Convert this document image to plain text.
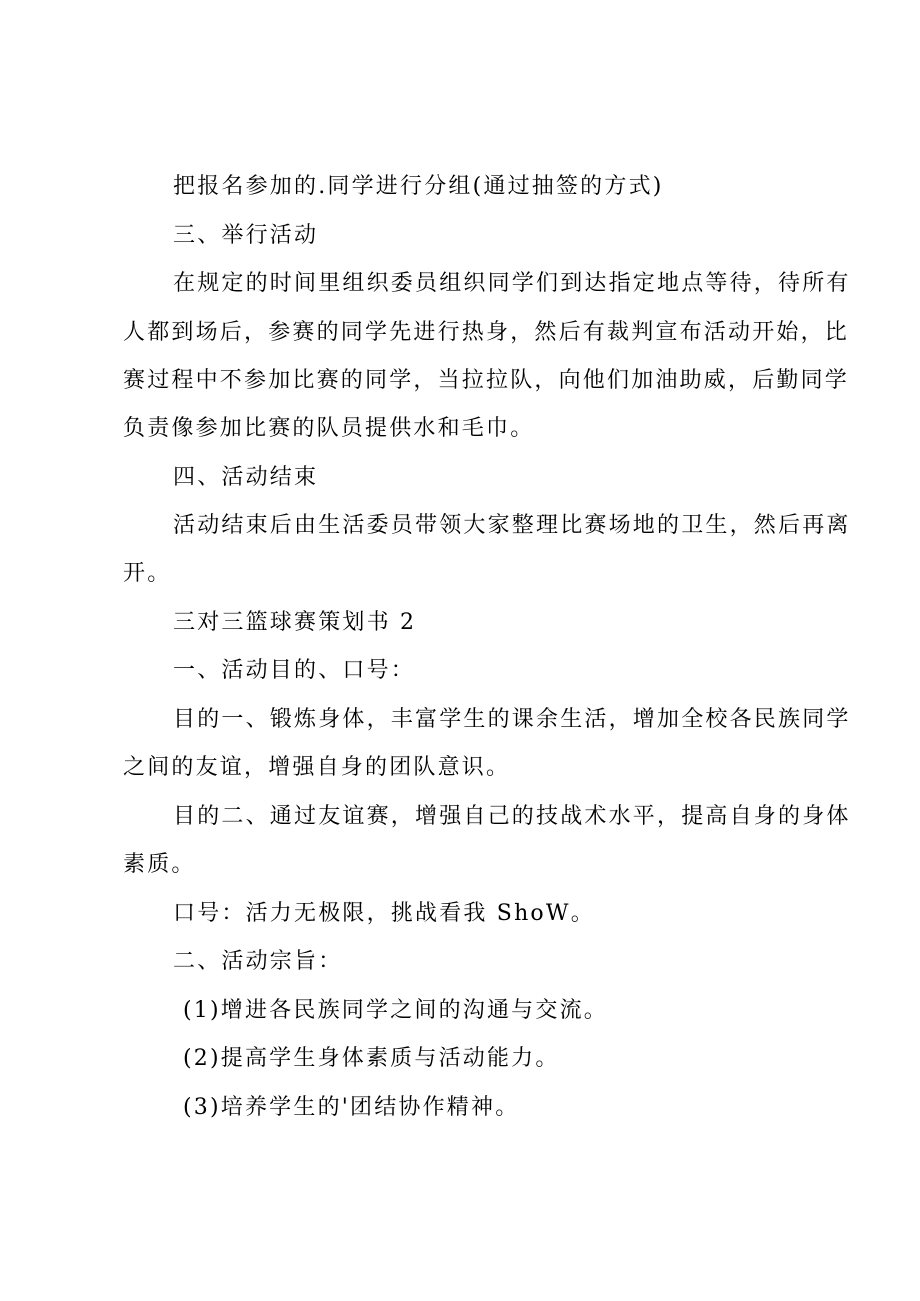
把报名参加的.同学进行分组(通过抽签的方式)
三、举行活动
在规定的时间里组织委员组织同学们到达指定地点等待，待所有
人都到场后，参赛的同学先进行热身，然后有裁判宣布活动开始，比
赛过程中不参加比赛的同学，当拉拉队，向他们加油助威，后勤同学
负责像参加比赛的队员提供水和毛巾。
四、活动结束
活动结束后由生活委员带领大家整理比赛场地的卫生，然后再离
开。
三对三篮球赛策划书 2
一、活动目的、口号：
目的一、锻炼身体，丰富学生的课余生活，增加全校各民族同学
之间的友谊，增强自身的团队意识。
目的二、通过友谊赛，增强自己的技战术水平，提高自身的身体
素质。
口号：活力无极限，挑战看我 ShoW。
二、活动宗旨：
(1)增进各民族同学之间的沟通与交流。
(2)提高学生身体素质与活动能力。
(3)培养学生的'团结协作精神。
